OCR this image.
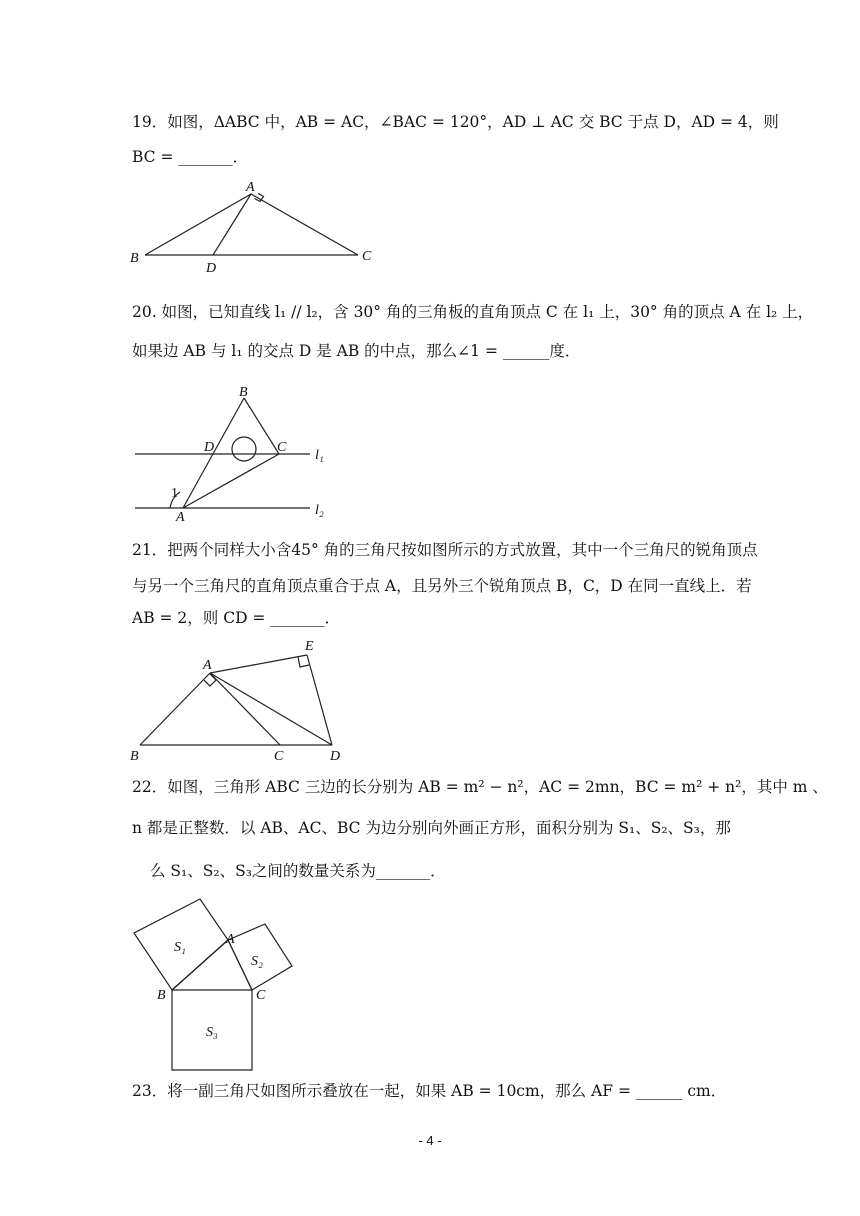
19．如图，ΔABC 中，AB = AC，∠BAC = 120°，AD ⊥ AC 交 BC 于点 D，AD = 4，则
BC = _______．
A
B	C
D
20. 如图，已知直线 l₁ // l₂，含 30° 角的三角板的直角顶点 C 在 l₁ 上，30° 角的顶点 A 在 l₂ 上，
如果边 AB 与 l₁ 的交点 D 是 AB 的中点，那么∠1 = ______度．
B
D	C
A
1
l₁
l₂
21．把两个同样大小含45° 角的三角尺按如图所示的方式放置，其中一个三角尺的锐角顶点
与另一个三角尺的直角顶点重合于点 A，且另外三个锐角顶点 B，C，D 在同一直线上．若
AB = 2，则 CD = _______．
A
E
B	C	D
22．如图，三角形 ABC 三边的长分别为 AB = m² − n²，AC = 2mn，BC = m² + n²，其中 m 、
n 都是正整数．以 AB、AC、BC 为边分别向外画正方形，面积分别为 S₁、S₂、S₃，那
么 S₁、S₂、S₃之间的数量关系为_______．
A
B	C
S₁
S₂
S₃
23．将一副三角尺如图所示叠放在一起，如果 AB = 10cm，那么 AF = ______ cm．
- 4 -
